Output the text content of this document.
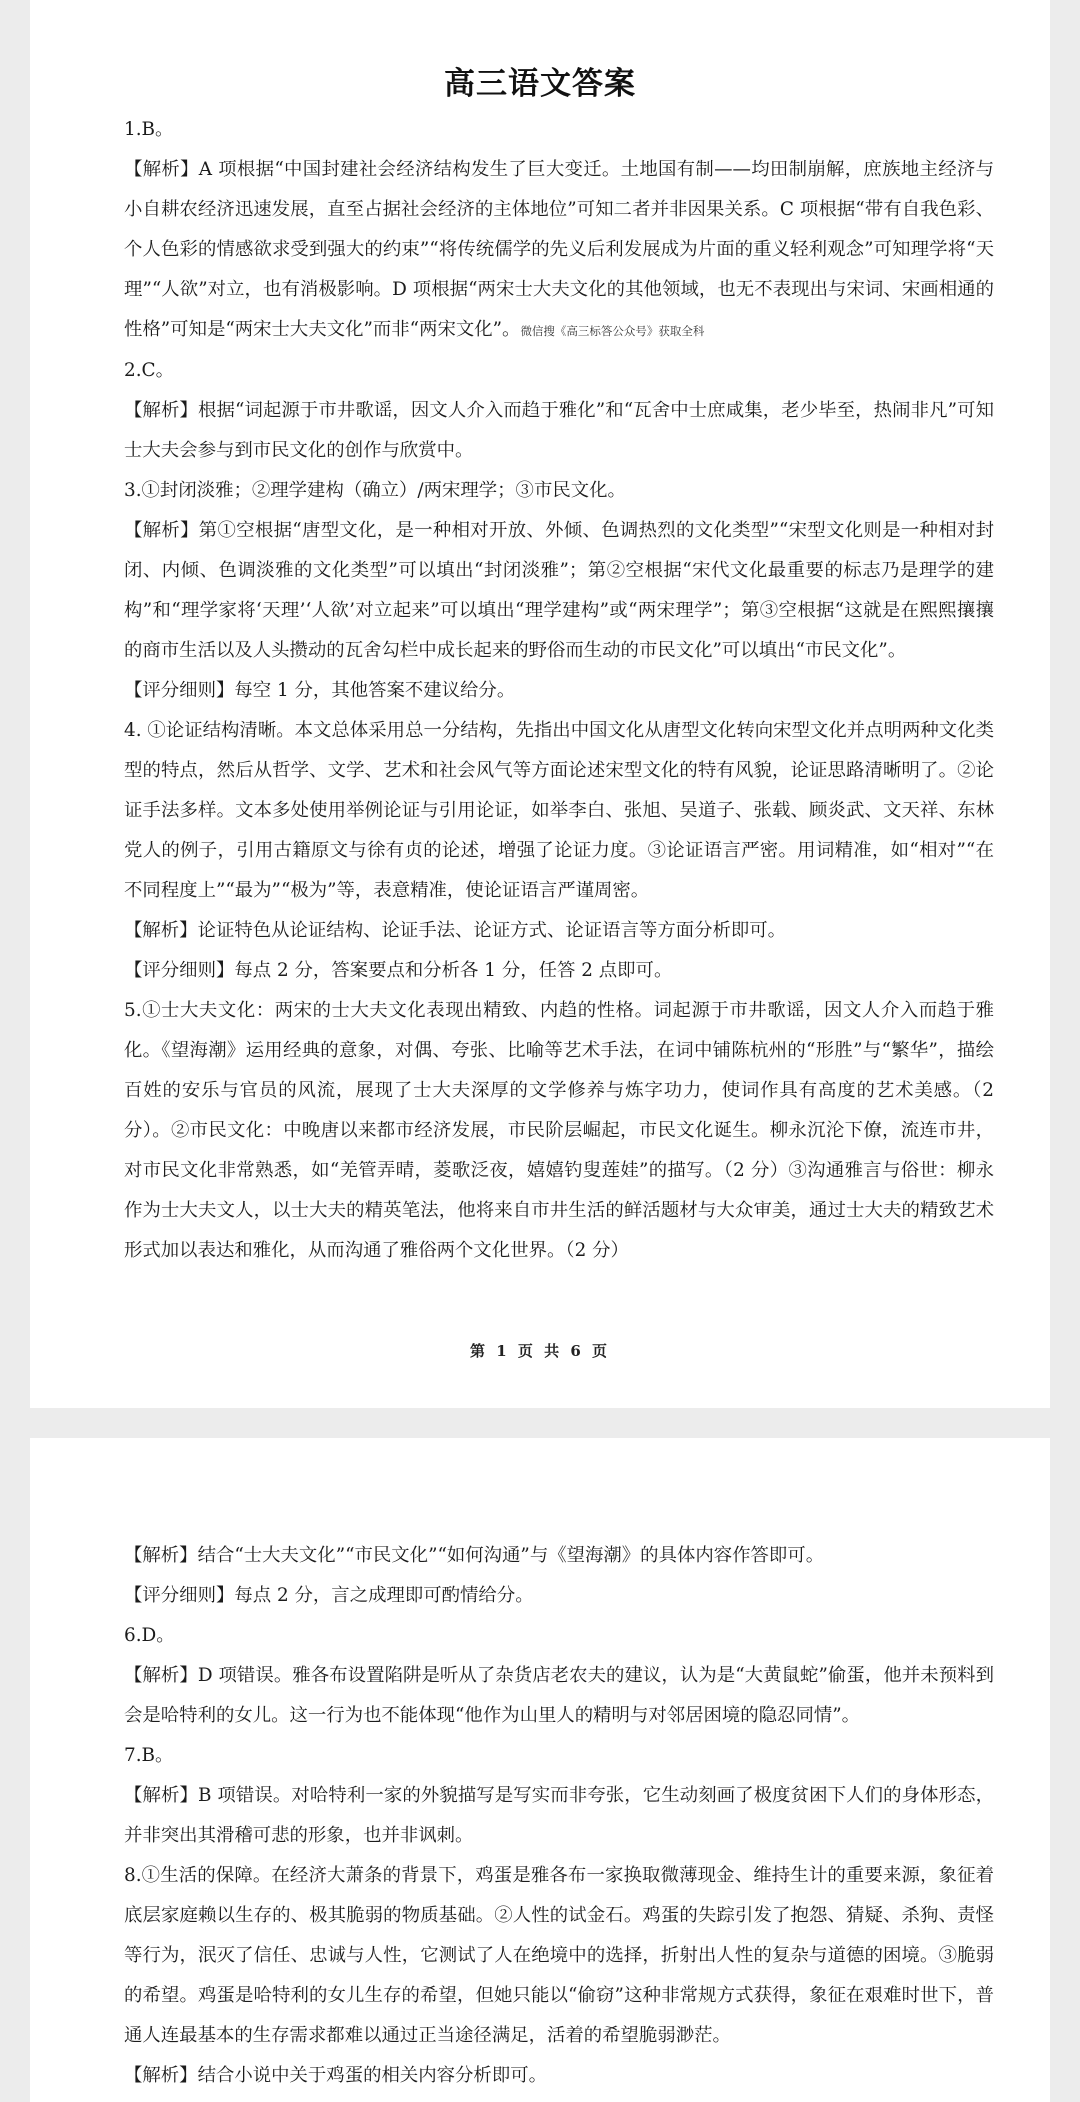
高三语文答案

1.B。

【解析】A 项根据“中国封建社会经济结构发生了巨大变迁。土地国有制——均田制崩解，庶族地主经济与小自耕农经济迅速发展，直至占据社会经济的主体地位”可知二者并非因果关系。C 项根据“带有自我色彩、个人色彩的情感欲求受到强大的约束”“将传统儒学的先义后利发展成为片面的重义轻利观念”可知理学将“天理”“人欲”对立，也有消极影响。D 项根据“两宋士大夫文化的其他领域，也无不表现出与宋词、宋画相通的性格”可知是“两宋士大夫文化”而非“两宋文化”。微信搜《高三标答公众号》获取全科

2.C。

【解析】根据“词起源于市井歌谣，因文人介入而趋于雅化”和“瓦舍中士庶咸集，老少毕至，热闹非凡”可知士大夫会参与到市民文化的创作与欣赏中。

3.①封闭淡雅；②理学建构（确立）/两宋理学；③市民文化。

【解析】第①空根据“唐型文化，是一种相对开放、外倾、色调热烈的文化类型”“宋型文化则是一种相对封闭、内倾、色调淡雅的文化类型”可以填出“封闭淡雅”；第②空根据“宋代文化最重要的标志乃是理学的建构”和“理学家将‘天理’‘人欲’对立起来”可以填出“理学建构”或“两宋理学”；第③空根据“这就是在熙熙攘攘的商市生活以及人头攒动的瓦舍勾栏中成长起来的野俗而生动的市民文化”可以填出“市民文化”。

【评分细则】每空 1 分，其他答案不建议给分。

4. ①论证结构清晰。本文总体采用总一分结构，先指出中国文化从唐型文化转向宋型文化并点明两种文化类型的特点，然后从哲学、文学、艺术和社会风气等方面论述宋型文化的特有风貌，论证思路清晰明了。②论证手法多样。文本多处使用举例论证与引用论证，如举李白、张旭、吴道子、张载、顾炎武、文天祥、东林党人的例子，引用古籍原文与徐有贞的论述，增强了论证力度。③论证语言严密。用词精准，如“相对”“在不同程度上”“最为”“极为”等，表意精准，使论证语言严谨周密。

【解析】论证特色从论证结构、论证手法、论证方式、论证语言等方面分析即可。

【评分细则】每点 2 分，答案要点和分析各 1 分，任答 2 点即可。

5.①士大夫文化：两宋的士大夫文化表现出精致、内趋的性格。词起源于市井歌谣，因文人介入而趋于雅化。《望海潮》运用经典的意象，对偶、夸张、比喻等艺术手法，在词中铺陈杭州的“形胜”与“繁华”，描绘百姓的安乐与官员的风流，展现了士大夫深厚的文学修养与炼字功力，使词作具有高度的艺术美感。（2 分）。②市民文化：中晚唐以来都市经济发展，市民阶层崛起，市民文化诞生。柳永沉沦下僚，流连市井，对市民文化非常熟悉，如“羌管弄晴，菱歌泛夜，嬉嬉钓叟莲娃”的描写。（2 分）③沟通雅言与俗世：柳永作为士大夫文人，以士大夫的精英笔法，他将来自市井生活的鲜活题材与大众审美，通过士大夫的精致艺术形式加以表达和雅化，从而沟通了雅俗两个文化世界。（2 分）

第 1 页 共 6 页

【解析】结合“士大夫文化”“市民文化”“如何沟通”与《望海潮》的具体内容作答即可。

【评分细则】每点 2 分，言之成理即可酌情给分。

6.D。

【解析】D 项错误。雅各布设置陷阱是听从了杂货店老农夫的建议，认为是“大黄鼠蛇”偷蛋，他并未预料到会是哈特利的女儿。这一行为也不能体现“他作为山里人的精明与对邻居困境的隐忍同情”。

7.B。

【解析】B 项错误。对哈特利一家的外貌描写是写实而非夸张，它生动刻画了极度贫困下人们的身体形态，并非突出其滑稽可悲的形象，也并非讽刺。

8.①生活的保障。在经济大萧条的背景下，鸡蛋是雅各布一家换取微薄现金、维持生计的重要来源，象征着底层家庭赖以生存的、极其脆弱的物质基础。②人性的试金石。鸡蛋的失踪引发了抱怨、猜疑、杀狗、责怪等行为，泯灭了信任、忠诚与人性，它测试了人在绝境中的选择，折射出人性的复杂与道德的困境。③脆弱的希望。鸡蛋是哈特利的女儿生存的希望，但她只能以“偷窃”这种非常规方式获得，象征在艰难时世下，普通人连最基本的生存需求都难以通过正当途径满足，活着的希望脆弱渺茫。

【解析】结合小说中关于鸡蛋的相关内容分析即可。
